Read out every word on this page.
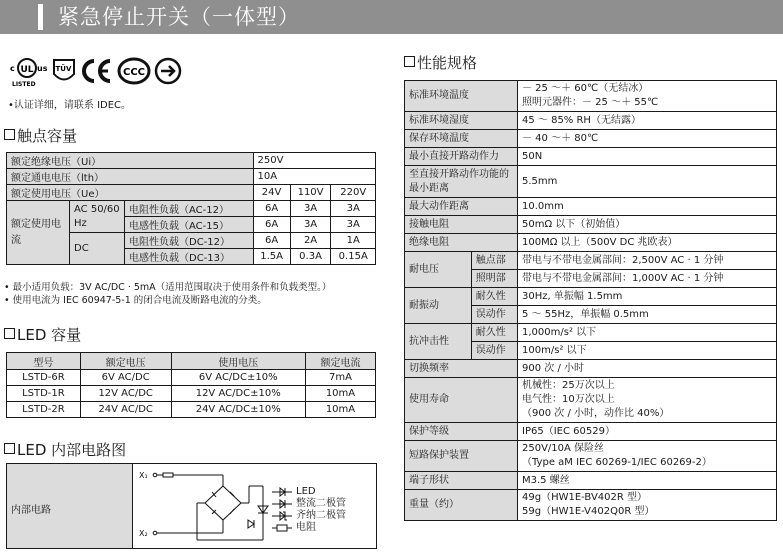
紧急停止开关（一体型）
c UL us
LISTED
TÜV	CCC
•认证详细，请联系 IDEC。
触点容量
额定绝缘电压（Ui）			250V		
额定通电电压（lth）			10A		
额定使用电压（Ue）			24V	110V	220V
额定使用电流	AC 50/60 Hz	电阻性负载（AC-12）	6A	3A	3A
		电感性负载（AC-15）	6A	3A	3A
	DC	电阻性负载（DC-12）	6A	2A	1A
		电感性负载（DC-13）	1.5A	0.3A	0.15A
• 最小适用负载：3V AC/DC · 5mA（适用范围取决于使用条件和负载类型。）
• 使用电流为 IEC 60947-5-1 的闭合电流及断路电流的分类。
LED 容量
型号	额定电压	使用电压	额定电流
LSTD-6R	6V AC/DC	6V AC/DC±10%	7mA
LSTD-1R	12V AC/DC	12V AC/DC±10%	10mA
LSTD-2R	24V AC/DC	24V AC/DC±10%	10mA
LED 内部电路图
内部电路
X₁
X₂
LED
整流二极管
齐纳二极管
电阻
性能规格
标准环境温度		－ 25 ～＋ 60℃（无结冰）
照明元器件：－ 25 ～＋ 55℃

标准环境湿度		45 ～ 85% RH（无结露）
保存环境温度		－ 40 ～＋ 80℃
最小直接开路动作力		50N
至直接开路动作功能的最小距离		5.5mm
最大动作距离		10.0mm
接触电阻		50mΩ 以下（初始值）
绝缘电阻		100MΩ 以上（500V DC 兆欧表）
耐电压	触点部	带电与不带电金属部间：2,500V AC · 1 分钟
	照明部	带电与不带电金属部间：1,000V AC · 1 分钟
耐振动	耐久性	30Hz, 单振幅 1.5mm
	误动作	5 ～ 55Hz，单振幅 0.5mm
抗冲击性	耐久性	1,000m/s² 以下
	误动作	100m/s² 以下
切换频率		900 次 / 小时
使用寿命		机械性：25万次以上
电气性：10万次以上
（900 次 / 小时，动作比 40%）

保护等级		IP65（IEC 60529）
短路保护装置		250V/10A 保险丝
（Type aM IEC 60269-1/IEC 60269-2）

端子形状		M3.5 螺丝
重量（约）		49g（HW1E-BV402R 型）
59g（HW1E-V402Q0R 型）
